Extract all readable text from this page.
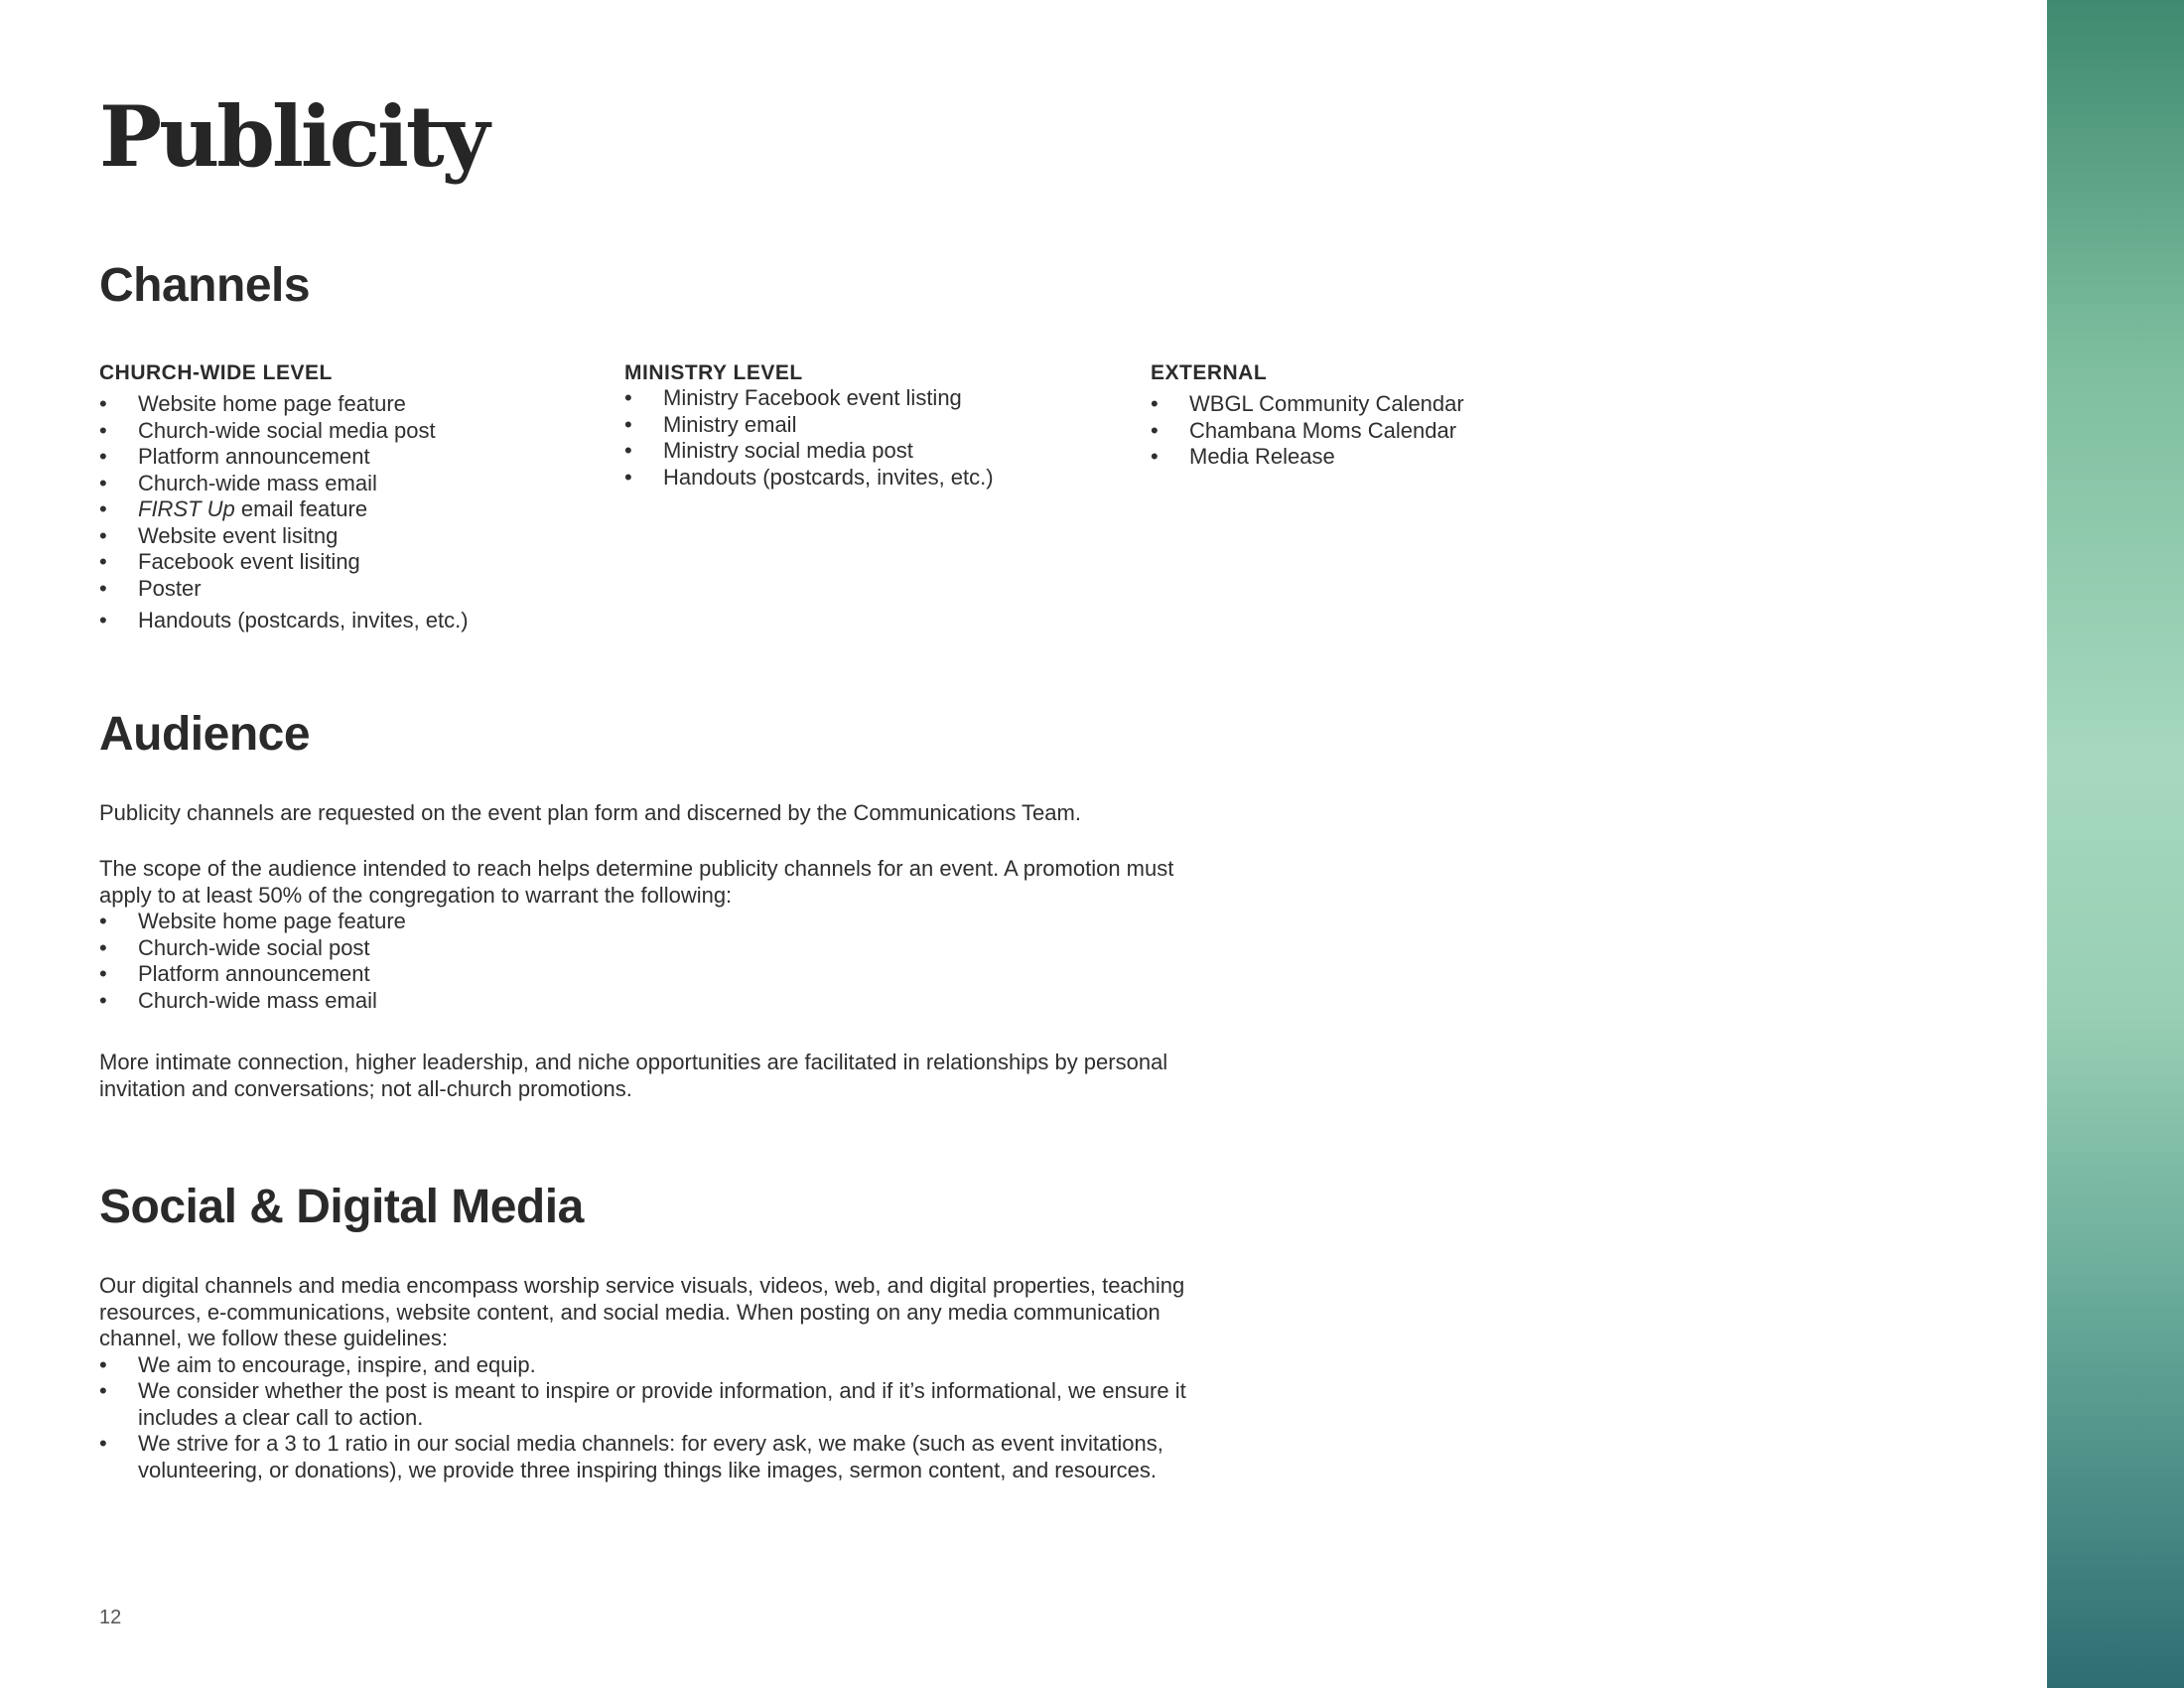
Publicity
Channels
CHURCH-WIDE LEVEL
• Website home page feature
• Church-wide social media post
• Platform announcement
• Church-wide mass email
• FIRST Up email feature
• Website event lisitng
• Facebook event lisiting
• Poster
• Handouts (postcards, invites, etc.)
MINISTRY LEVEL
• Ministry Facebook event listing
• Ministry email
• Ministry social media post
• Handouts (postcards, invites, etc.)
EXTERNAL
• WBGL Community Calendar
• Chambana Moms Calendar
• Media Release
Audience

Publicity channels are requested on the event plan form and discerned by the Communications Team.

The scope of the audience intended to reach helps determine publicity channels for an event. A promotion must apply to at least 50% of the congregation to warrant the following:

• Website home page feature
• Church-wide social post
• Platform announcement
• Church-wide mass email

More intimate connection, higher leadership, and niche opportunities are facilitated in relationships by personal invitation and conversations; not all-church promotions.

Social & Digital Media

Our digital channels and media encompass worship service visuals, videos, web, and digital properties, teaching resources, e-communications, website content, and social media. When posting on any media communication channel, we follow these guidelines:

• We aim to encourage, inspire, and equip.
• We consider whether the post is meant to inspire or provide information, and if it’s informational, we ensure it includes a clear call to action.
• We strive for a 3 to 1 ratio in our social media channels: for every ask, we make (such as event invitations, volunteering, or donations), we provide three inspiring things like images, sermon content, and resources.
12
